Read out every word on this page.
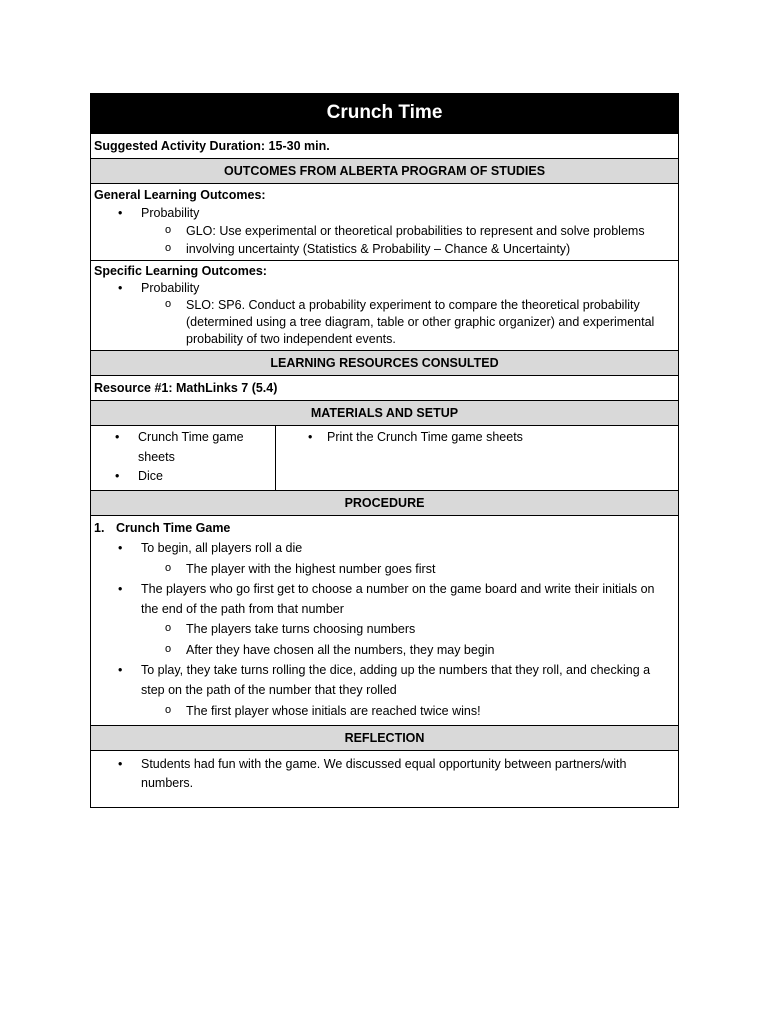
Crunch Time
Suggested Activity Duration: 15-30 min.
OUTCOMES FROM ALBERTA PROGRAM OF STUDIES
General Learning Outcomes:
• Probability
o GLO: Use experimental or theoretical probabilities to represent and solve problems
o involving uncertainty (Statistics & Probability – Chance & Uncertainty)
Specific Learning Outcomes:
• Probability
o SLO: SP6. Conduct a probability experiment to compare the theoretical probability
(determined using a tree diagram, table or other graphic organizer) and experimental
probability of two independent events.
LEARNING RESOURCES CONSULTED
Resource #1: MathLinks 7 (5.4)
MATERIALS AND SETUP
• Crunch Time game
sheets
• Dice
• Print the Crunch Time game sheets
PROCEDURE
1. Crunch Time Game
• To begin, all players roll a die
o The player with the highest number goes first
• The players who go first get to choose a number on the game board and write their initials on
the end of the path from that number
o The players take turns choosing numbers
o After they have chosen all the numbers, they may begin
• To play, they take turns rolling the dice, adding up the numbers that they roll, and checking a
step on the path of the number that they rolled
o The first player whose initials are reached twice wins!
REFLECTION
• Students had fun with the game. We discussed equal opportunity between partners/with
numbers.
